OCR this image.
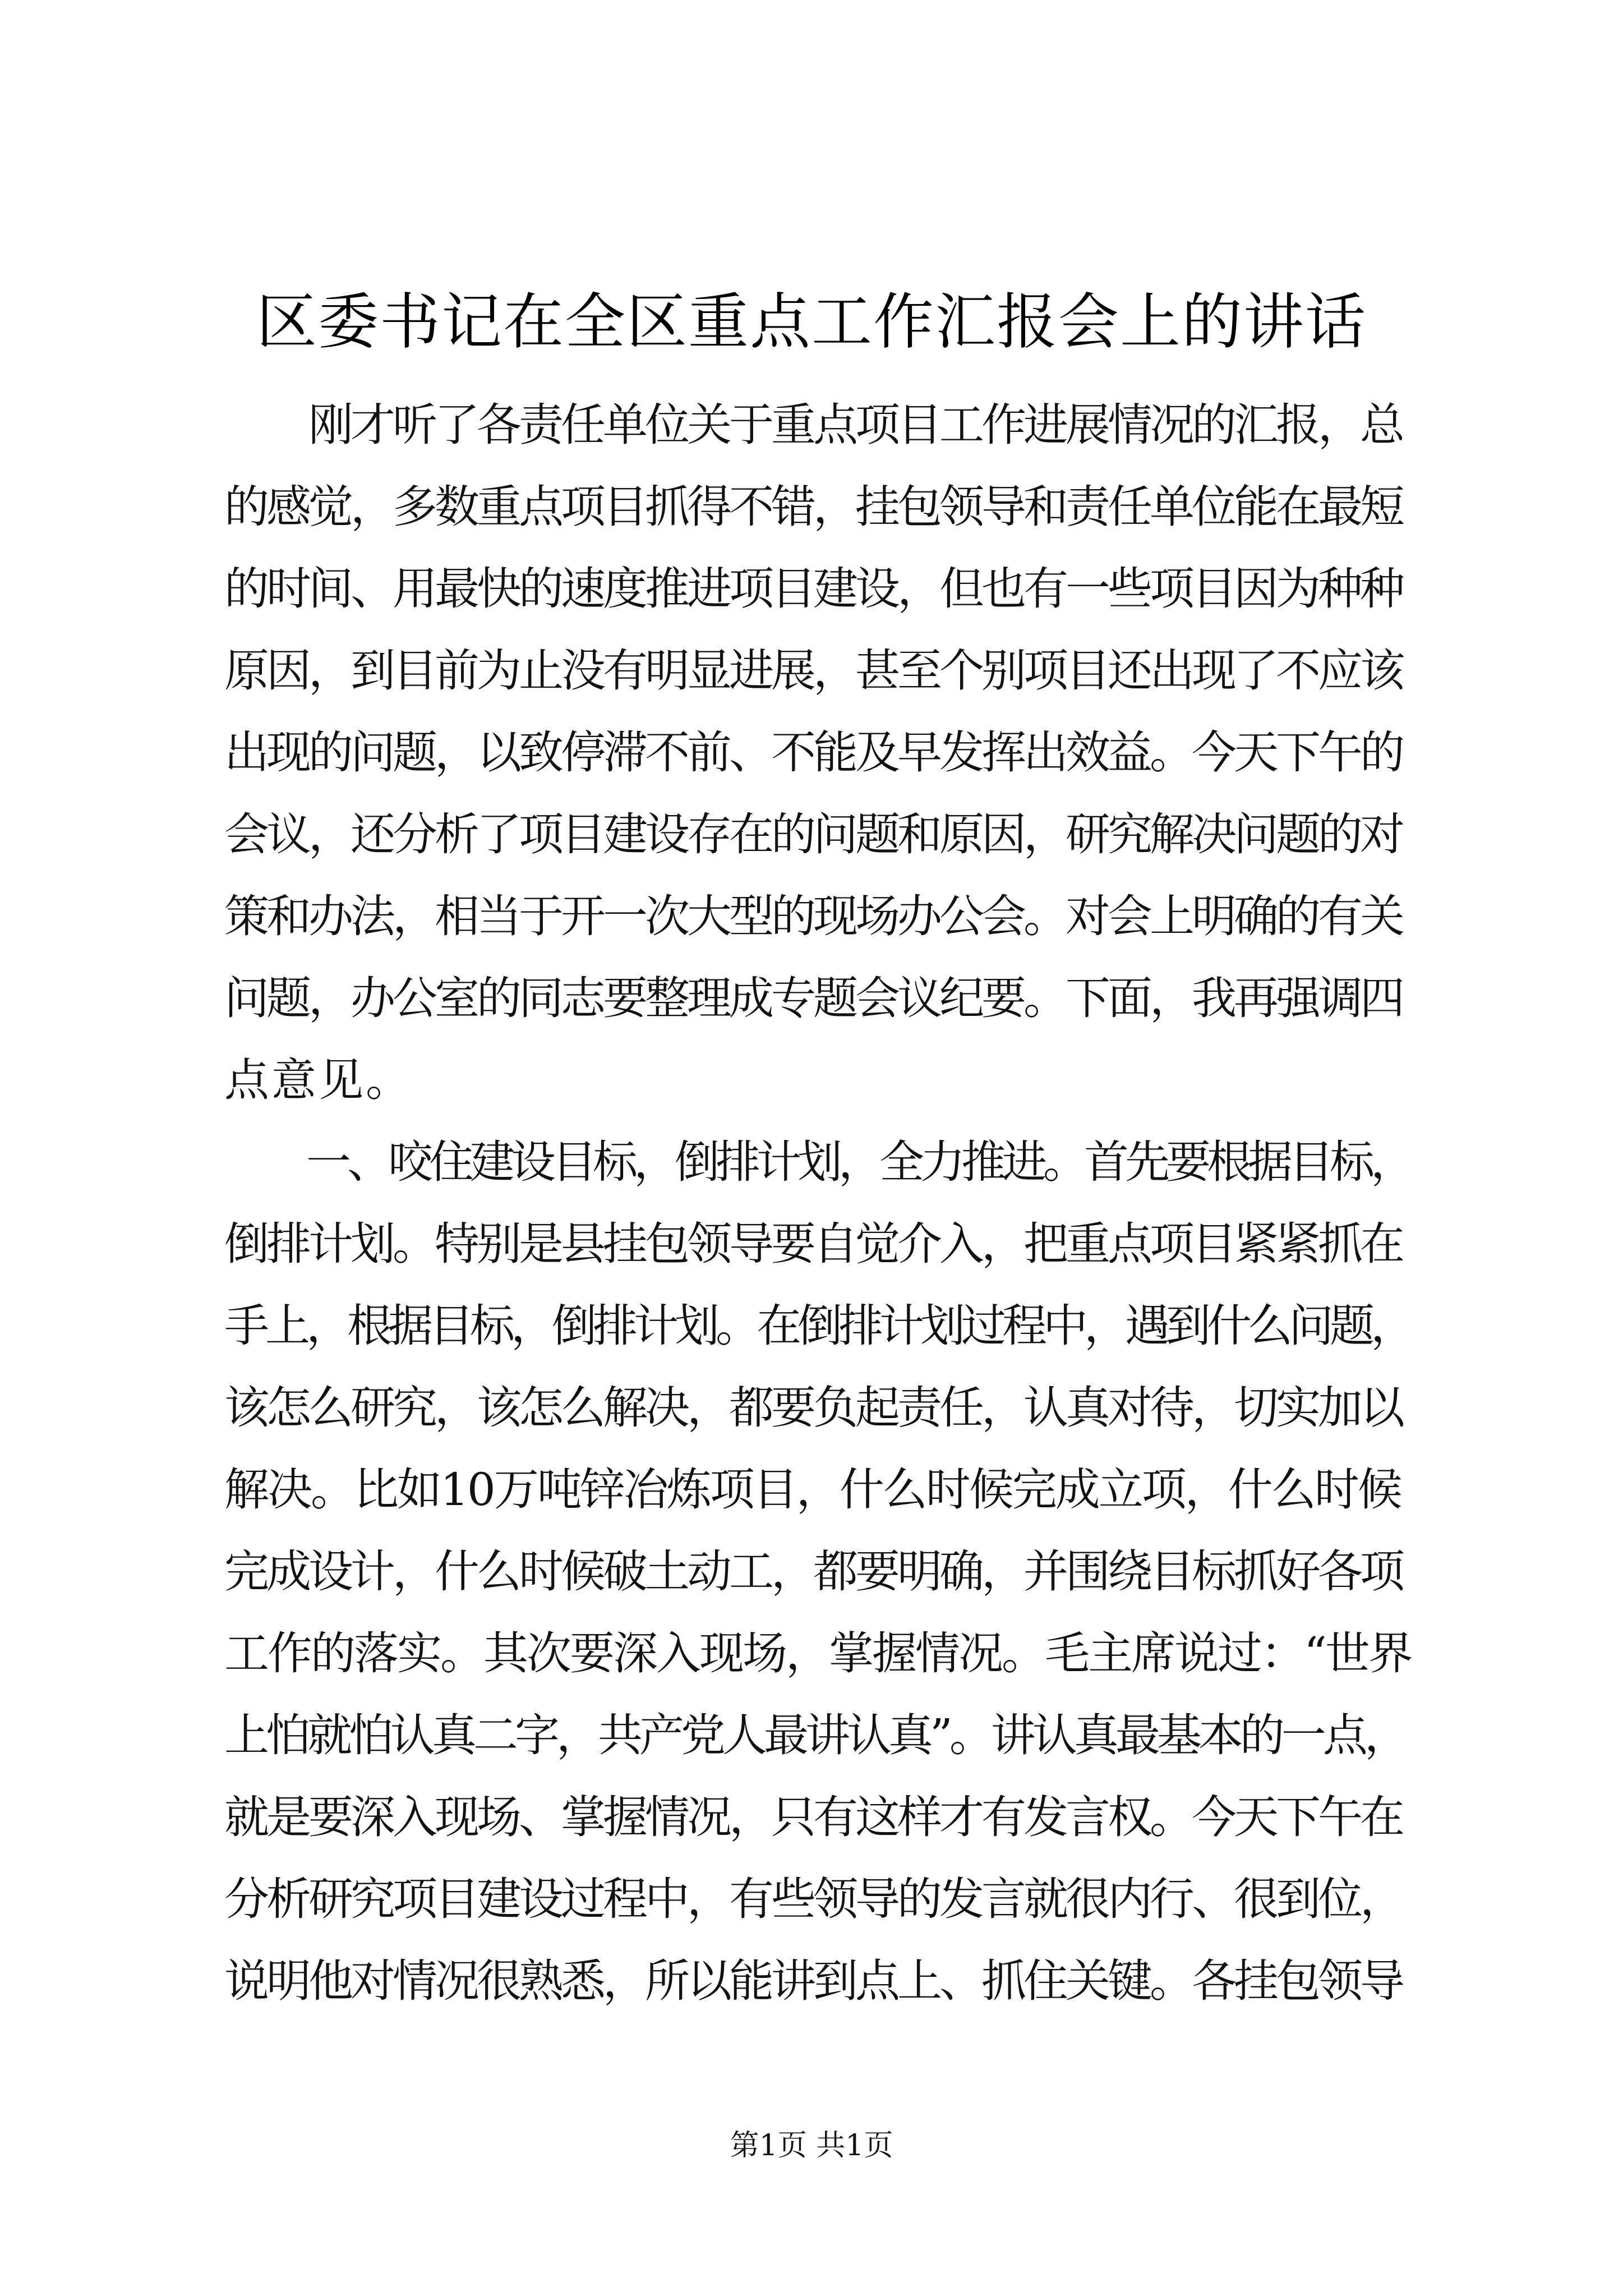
区委书记在全区重点工作汇报会上的讲话
　　刚才听了各责任单位关于重点项目工作进展情况的汇报，总
的感觉，多数重点项目抓得不错，挂包领导和责任单位能在最短
的时间、用最快的速度推进项目建设，但也有一些项目因为种种
原因，到目前为止没有明显进展，甚至个别项目还出现了不应该
出现的问题，以致停滞不前、不能及早发挥出效益。今天下午的
会议，还分析了项目建设存在的问题和原因，研究解决问题的对
策和办法，相当于开一次大型的现场办公会。对会上明确的有关
问题，办公室的同志要整理成专题会议纪要。下面，我再强调四
点意见。
　　一、咬住建设目标，倒排计划，全力推进。首先要根据目标，
倒排计划。特别是县挂包领导要自觉介入，把重点项目紧紧抓在
手上，根据目标，倒排计划。在倒排计划过程中，遇到什么问题，
该怎么研究，该怎么解决，都要负起责任，认真对待，切实加以
解决。比如10万吨锌冶炼项目，什么时候完成立项，什么时候
完成设计，什么时候破土动工，都要明确，并围绕目标抓好各项
工作的落实。其次要深入现场，掌握情况。毛主席说过：“世界
上怕就怕认真二字，共产党人最讲认真”。讲认真最基本的一点，
就是要深入现场、掌握情况，只有这样才有发言权。今天下午在
分析研究项目建设过程中，有些领导的发言就很内行、很到位，
说明他对情况很熟悉，所以能讲到点上、抓住关键。各挂包领导
第1页 共1页
